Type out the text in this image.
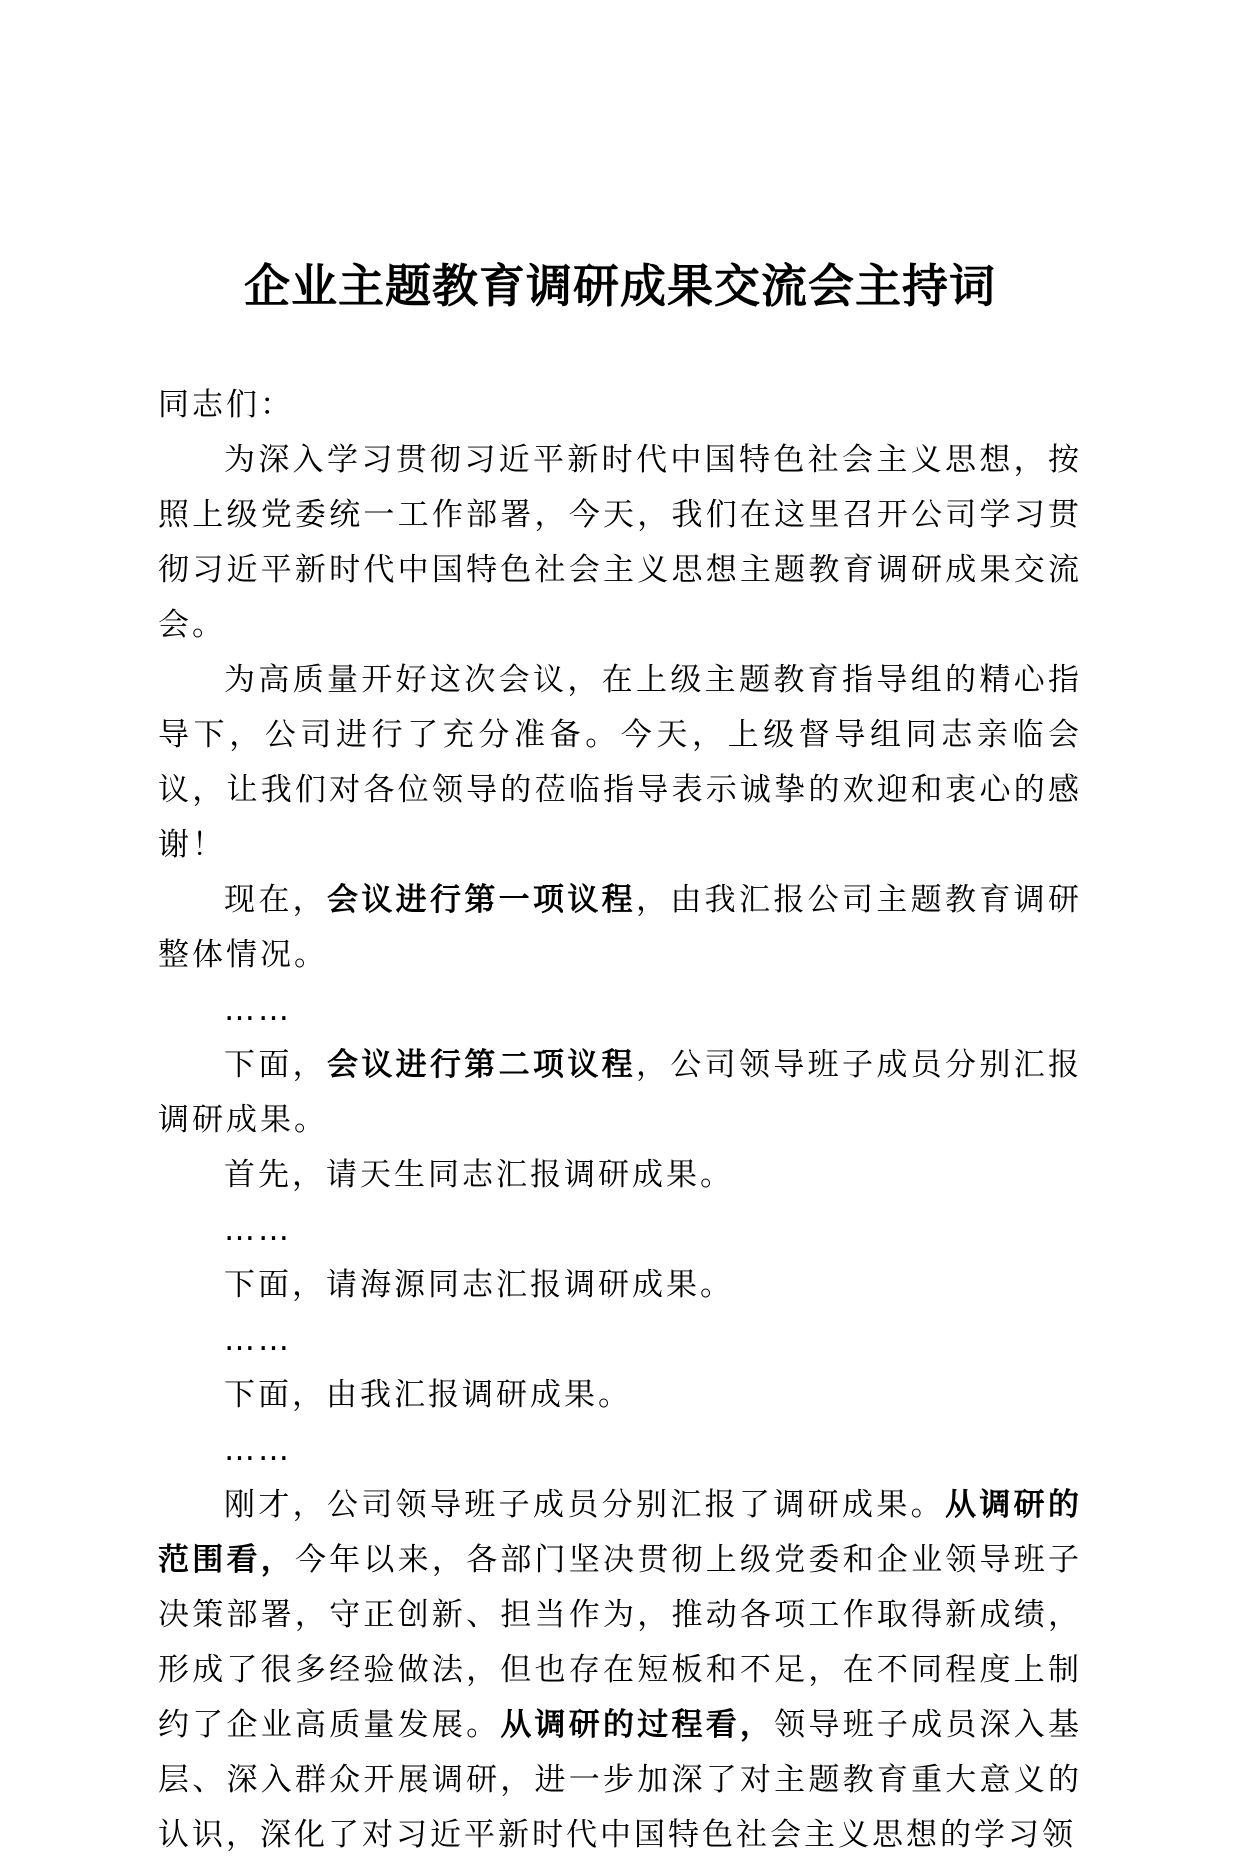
企业主题教育调研成果交流会主持词

同志们：

为深入学习贯彻习近平新时代中国特色社会主义思想，按照上级党委统一工作部署，今天，我们在这里召开公司学习贯彻习近平新时代中国特色社会主义思想主题教育调研成果交流会。

为高质量开好这次会议，在上级主题教育指导组的精心指导下，公司进行了充分准备。今天，上级督导组同志亲临会议，让我们对各位领导的莅临指导表示诚挚的欢迎和衷心的感谢！

现在，会议进行第一项议程，由我汇报公司主题教育调研整体情况。

……

下面，会议进行第二项议程，公司领导班子成员分别汇报调研成果。

首先，请天生同志汇报调研成果。

……

下面，请海源同志汇报调研成果。

……

下面，由我汇报调研成果。

……

刚才，公司领导班子成员分别汇报了调研成果。从调研的范围看，今年以来，各部门坚决贯彻上级党委和企业领导班子决策部署，守正创新、担当作为，推动各项工作取得新成绩，形成了很多经验做法，但也存在短板和不足，在不同程度上制约了企业高质量发展。从调研的过程看，领导班子成员深入基层、深入群众开展调研，进一步加深了对主题教育重大意义的认识，深化了对习近平新时代中国特色社会主义思想的学习领
